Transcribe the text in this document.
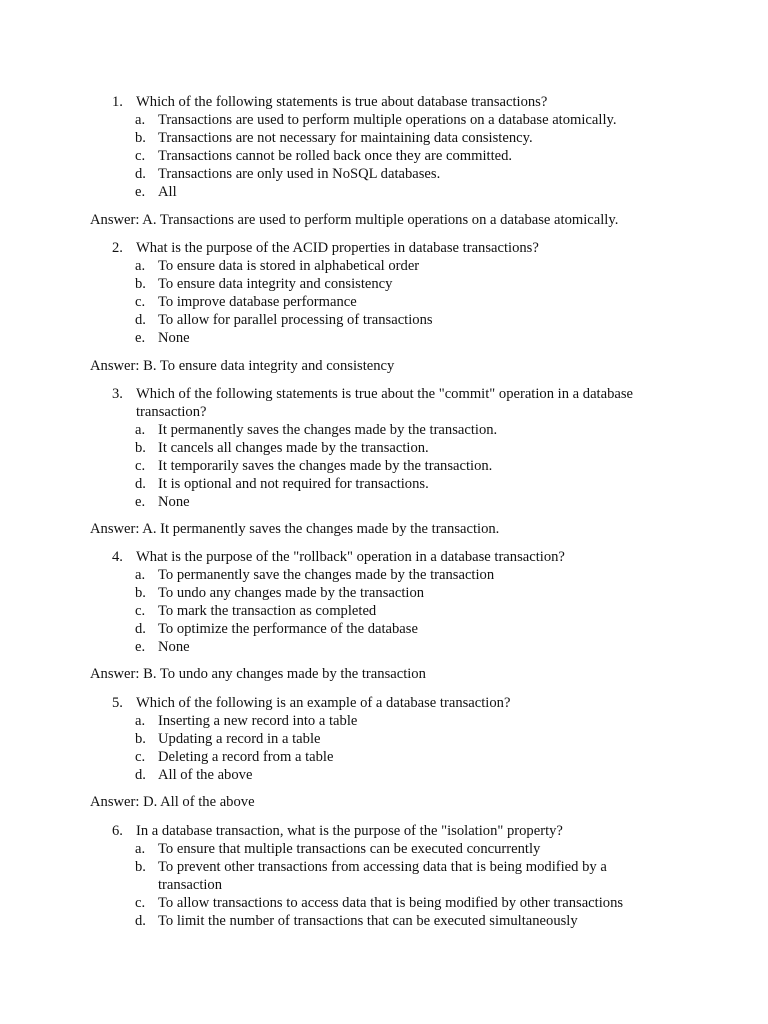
1. Which of the following statements is true about database transactions?
a. Transactions are used to perform multiple operations on a database atomically.
b. Transactions are not necessary for maintaining data consistency.
c. Transactions cannot be rolled back once they are committed.
d. Transactions are only used in NoSQL databases.
e. All
Answer: A. Transactions are used to perform multiple operations on a database atomically.
2. What is the purpose of the ACID properties in database transactions?
a. To ensure data is stored in alphabetical order
b. To ensure data integrity and consistency
c. To improve database performance
d. To allow for parallel processing of transactions
e. None
Answer: B. To ensure data integrity and consistency
3. Which of the following statements is true about the "commit" operation in a database transaction?
a. It permanently saves the changes made by the transaction.
b. It cancels all changes made by the transaction.
c. It temporarily saves the changes made by the transaction.
d. It is optional and not required for transactions.
e. None
Answer: A. It permanently saves the changes made by the transaction.
4. What is the purpose of the "rollback" operation in a database transaction?
a. To permanently save the changes made by the transaction
b. To undo any changes made by the transaction
c. To mark the transaction as completed
d. To optimize the performance of the database
e. None
Answer: B. To undo any changes made by the transaction
5. Which of the following is an example of a database transaction?
a. Inserting a new record into a table
b. Updating a record in a table
c. Deleting a record from a table
d. All of the above
Answer: D. All of the above
6. In a database transaction, what is the purpose of the "isolation" property?
a. To ensure that multiple transactions can be executed concurrently
b. To prevent other transactions from accessing data that is being modified by a transaction
c. To allow transactions to access data that is being modified by other transactions
d. To limit the number of transactions that can be executed simultaneously
